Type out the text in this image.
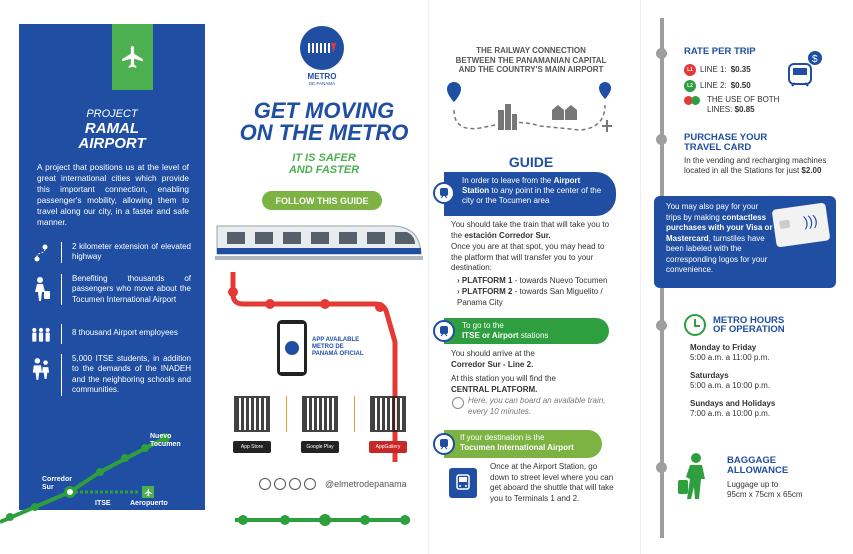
PROJECT
RAMAL
AIRPORT
A project that positions us at the level of great international cities which provide this important connection, enabling passenger's mobility, allowing them to travel along our city, in a faster and safe manner.
2 kilometer extension of elevated highway
Benefiting thousands of passengers who move about the Tocumen International Airport
8 thousand Airport employees
5,000 ITSE students, in addition to the demands of the INADEH and the neighboring schools and communities.
Nuevo
Tocumen
Corredor
Sur
ITSE	Aeropuerto
METRO
DE PANAMÁ
GET MOVING
ON THE METRO
IT IS SAFER
AND FASTER
FOLLOW THIS GUIDE
APP AVAILABLE
METRO DE
PANAMÁ OFICIAL
App Store	Google Play	AppGallery
@elmetrodepanama
THE RAILWAY CONNECTION
BETWEEN THE PANAMANIAN CAPITAL
AND THE COUNTRY'S MAIN AIRPORT
GUIDE
In order to leave from the Airport Station to any point in the center of the city or the Tocumen area
You should take the train that will take you to the estación Corredor Sur.
Once you are at that spot, you may head to the platform that will transfer you to your destination:
› PLATFORM 1 - towards Nuevo Tocumen
› PLATFORM 2 - towards San Miguelito / Panama City
To go to the
ITSE or Airport stations
You should arrive at the
Corredor Sur - Line 2.
At this station you will find the
CENTRAL PLATFORM.
Here, you can board an available train, every 10 minutes.
If your destination is the
Tocumen International Airport
Once at the Airport Station, go down to street level where you can get aboard the shuttle that will take you to Terminals 1 and 2.
RATE PER TRIP
L1 LINE 1: $0.35
L2 LINE 2: $0.50
THE USE OF BOTH
LINES: $0.85
$
PURCHASE YOUR
TRAVEL CARD
In the vending and recharging machines located in all the Stations for just $2.00
You may also pay for your trips by making contactless purchases with your Visa or Mastercard, turnstiles have been labeled with the corresponding logos for your convenience.
)))
METRO HOURS
OF OPERATION
Monday to Friday
5:00 a.m. a 11:00 p.m.
Saturdays
5:00 a.m. a 10:00 p.m.
Sundays and Holidays
7:00 a.m. a 10:00 p.m.
BAGGAGE
ALLOWANCE
Luggage up to
95cm x 75cm x 65cm
